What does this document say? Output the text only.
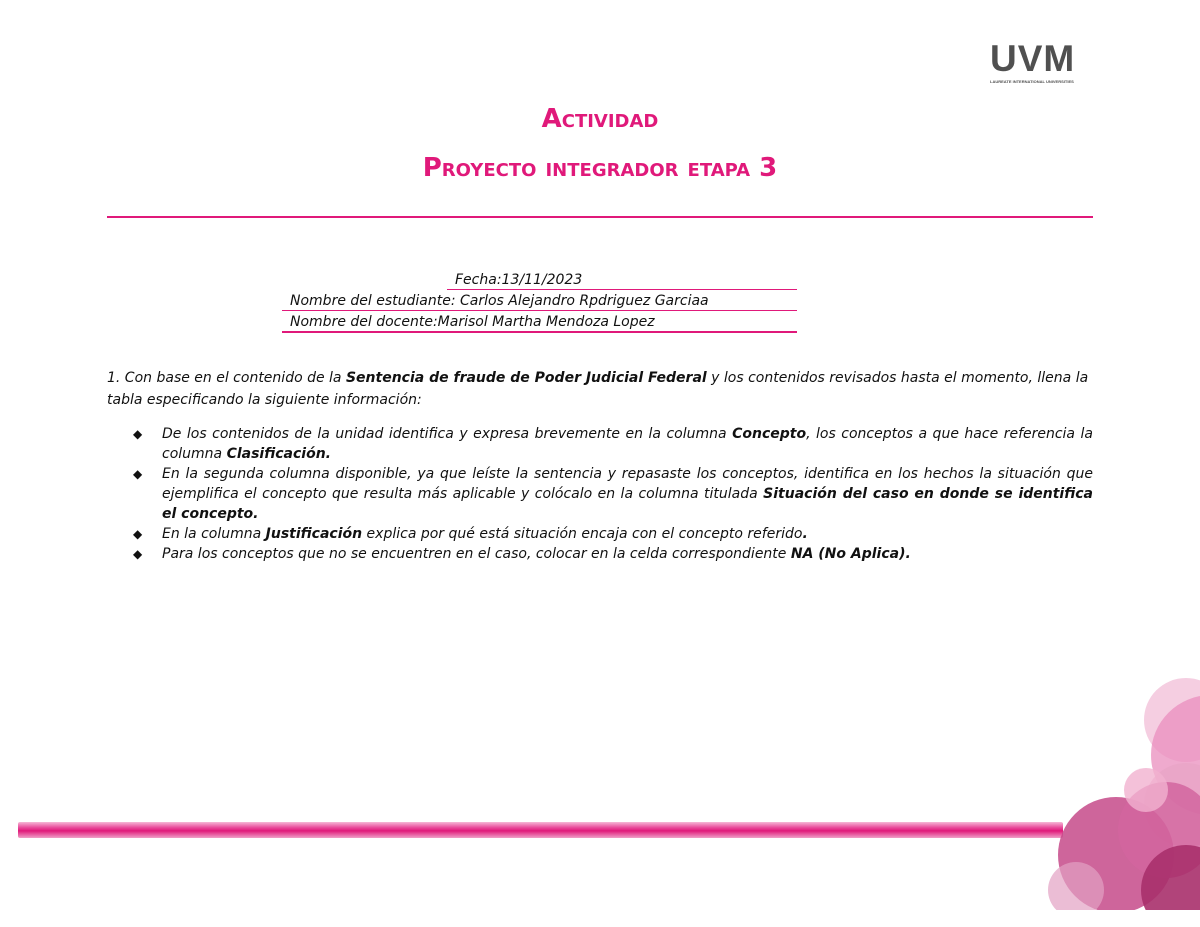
UVM
LAUREATE INTERNATIONAL UNIVERSITIES
Actividad
Proyecto integrador etapa 3
Fecha:13/11/2023
Nombre del estudiante: Carlos Alejandro Rpdriguez Garciaa
Nombre del docente:Marisol Martha Mendoza Lopez

1. Con base en el contenido de la Sentencia de fraude de Poder Judicial Federal y los contenidos revisados hasta el momento, llena la tabla especificando la siguiente información:

◆ De los contenidos de la unidad identifica y expresa brevemente en la columna Concepto, los conceptos a que hace referencia la columna Clasificación.
◆ En la segunda columna disponible, ya que leíste la sentencia y repasaste los conceptos, identifica en los hechos la situación que ejemplifica el concepto que resulta más aplicable y colócalo en la columna titulada Situación del caso en donde se identifica el concepto.
◆ En la columna Justificación explica por qué está situación encaja con el concepto referido.
◆ Para los conceptos que no se encuentren en el caso, colocar en la celda correspondiente NA (No Aplica).
